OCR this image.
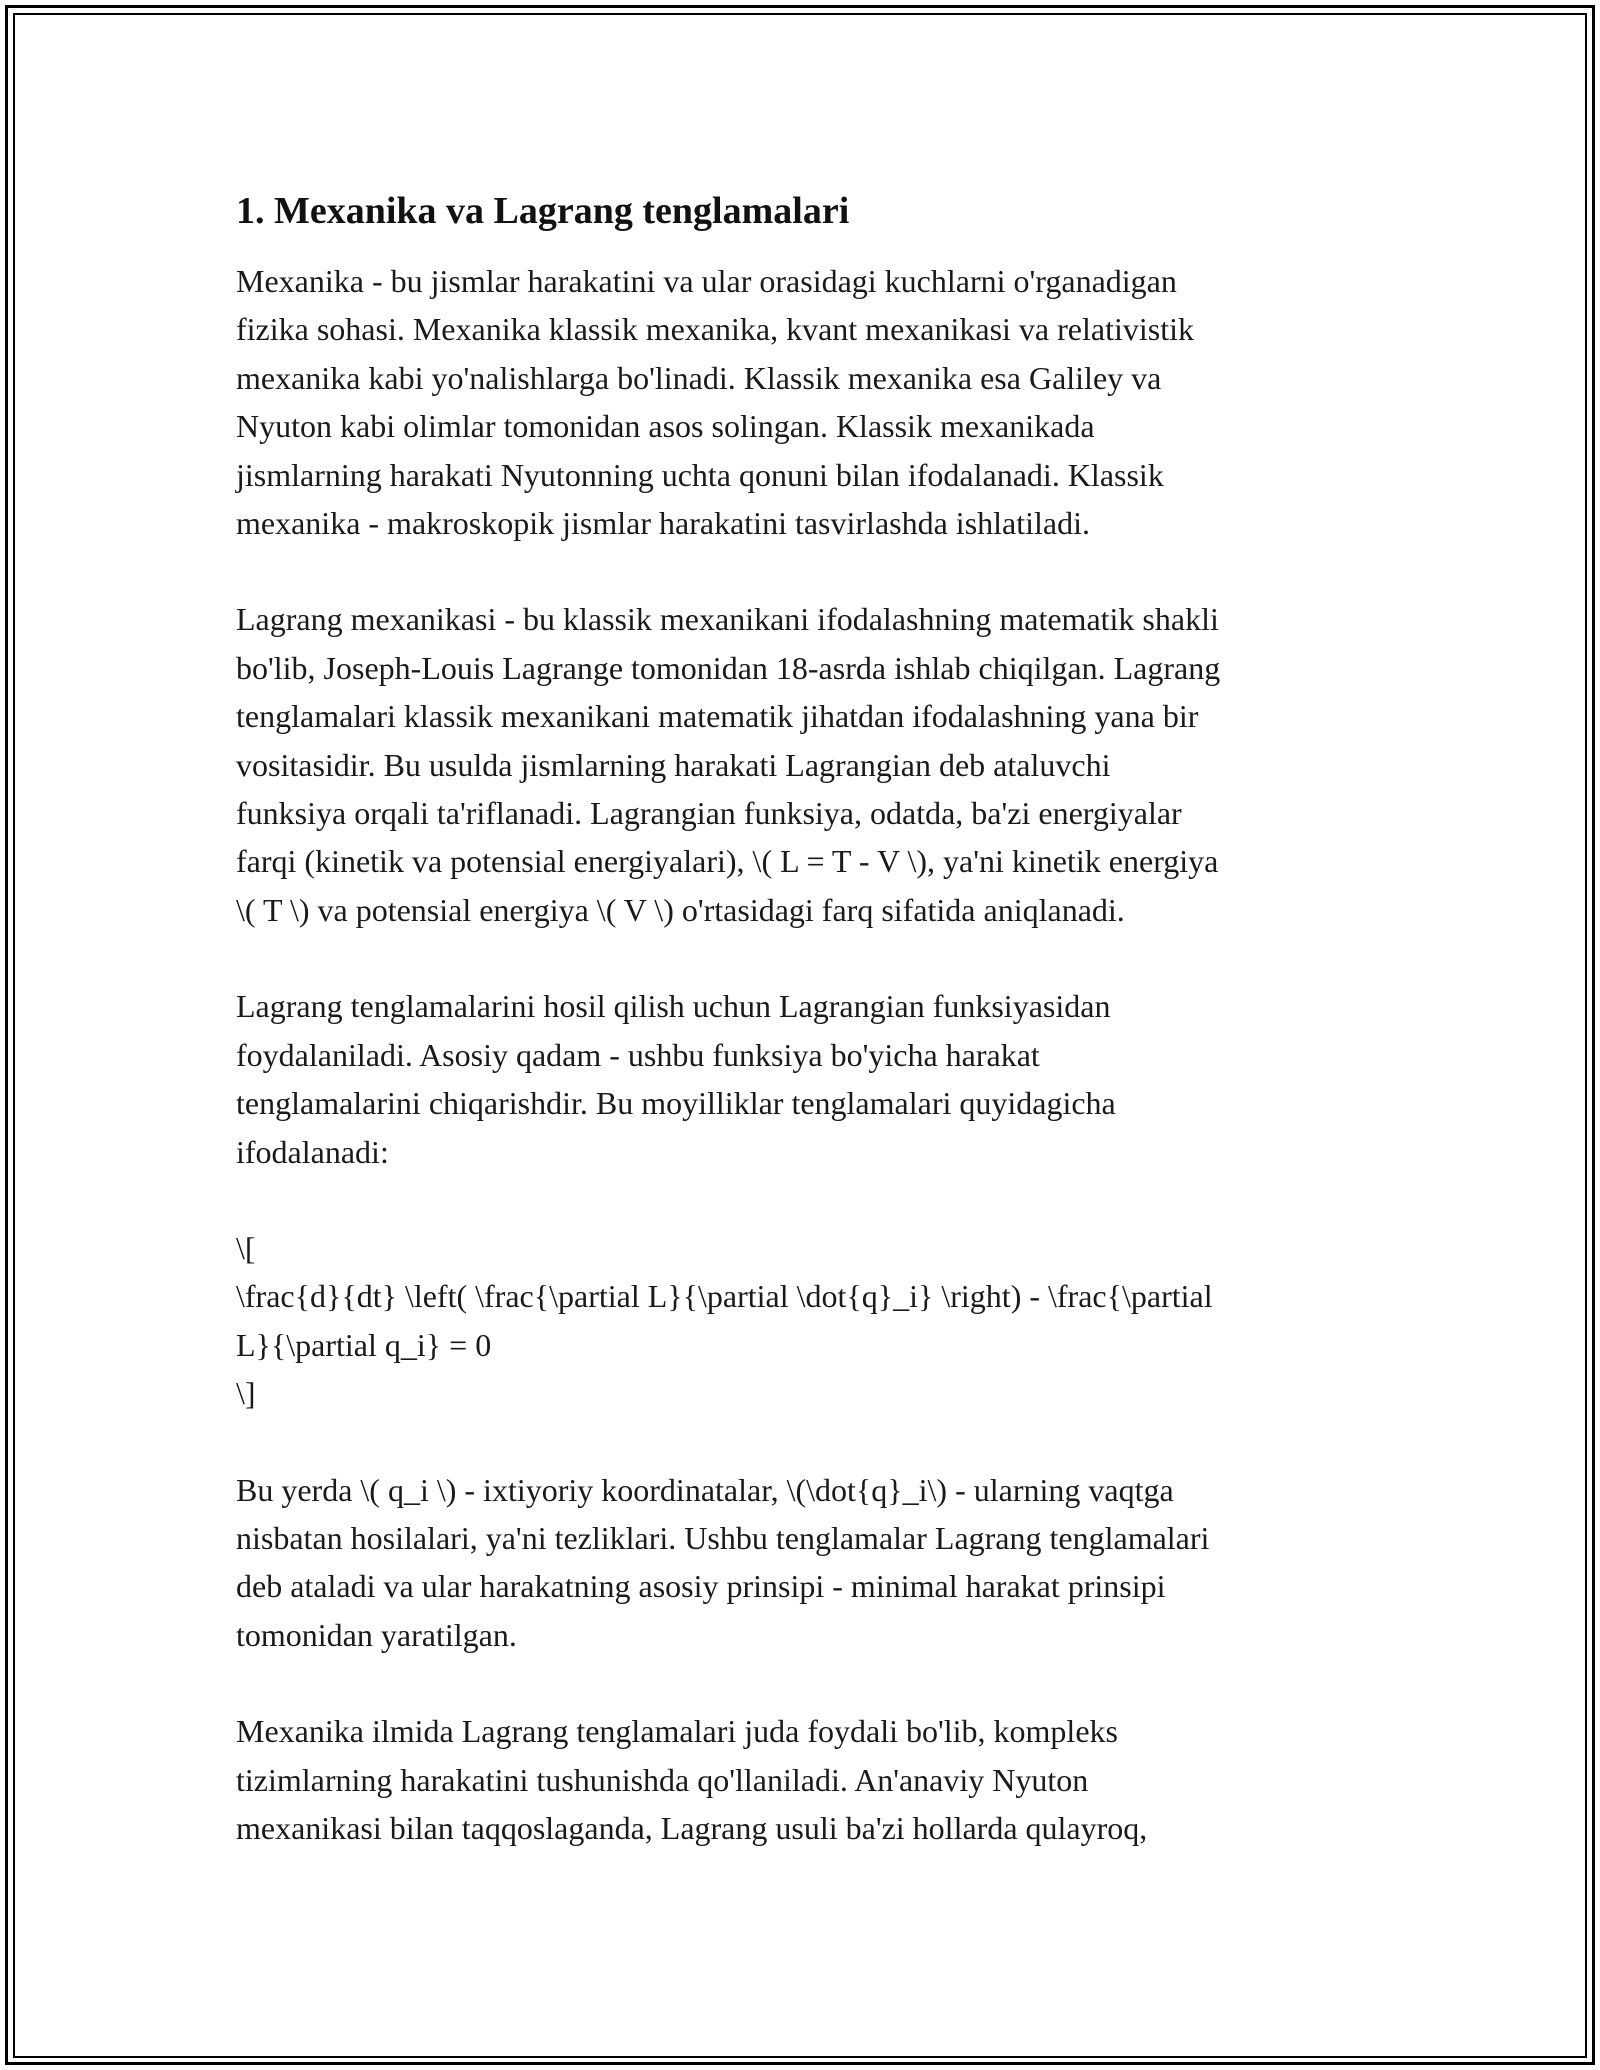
1. Mexanika va Lagrang tenglamalari

Mexanika - bu jismlar harakatini va ular orasidagi kuchlarni o'rganadigan
fizika sohasi. Mexanika klassik mexanika, kvant mexanikasi va relativistik
mexanika kabi yo'nalishlarga bo'linadi. Klassik mexanika esa Galiley va
Nyuton kabi olimlar tomonidan asos solingan. Klassik mexanikada
jismlarning harakati Nyutonning uchta qonuni bilan ifodalanadi. Klassik
mexanika - makroskopik jismlar harakatini tasvirlashda ishlatiladi.

Lagrang mexanikasi - bu klassik mexanikani ifodalashning matematik shakli
bo'lib, Joseph-Louis Lagrange tomonidan 18-asrda ishlab chiqilgan. Lagrang
tenglamalari klassik mexanikani matematik jihatdan ifodalashning yana bir
vositasidir. Bu usulda jismlarning harakati Lagrangian deb ataluvchi
funksiya orqali ta'riflanadi. Lagrangian funksiya, odatda, ba'zi energiyalar
farqi (kinetik va potensial energiyalari), \( L = T - V \), ya'ni kinetik energiya
\( T \) va potensial energiya \( V \) o'rtasidagi farq sifatida aniqlanadi.

Lagrang tenglamalarini hosil qilish uchun Lagrangian funksiyasidan
foydalaniladi. Asosiy qadam - ushbu funksiya bo'yicha harakat
tenglamalarini chiqarishdir. Bu moyilliklar tenglamalari quyidagicha
ifodalanadi:

\[
\frac{d}{dt} \left( \frac{\partial L}{\partial \dot{q}_i} \right) - \frac{\partial
L}{\partial q_i} = 0
\]

Bu yerda \( q_i \) - ixtiyoriy koordinatalar, \(\dot{q}_i\) - ularning vaqtga
nisbatan hosilalari, ya'ni tezliklari. Ushbu tenglamalar Lagrang tenglamalari
deb ataladi va ular harakatning asosiy prinsipi - minimal harakat prinsipi
tomonidan yaratilgan.

Mexanika ilmida Lagrang tenglamalari juda foydali bo'lib, kompleks
tizimlarning harakatini tushunishda qo'llaniladi. An'anaviy Nyuton
mexanikasi bilan taqqoslaganda, Lagrang usuli ba'zi hollarda qulayroq,
